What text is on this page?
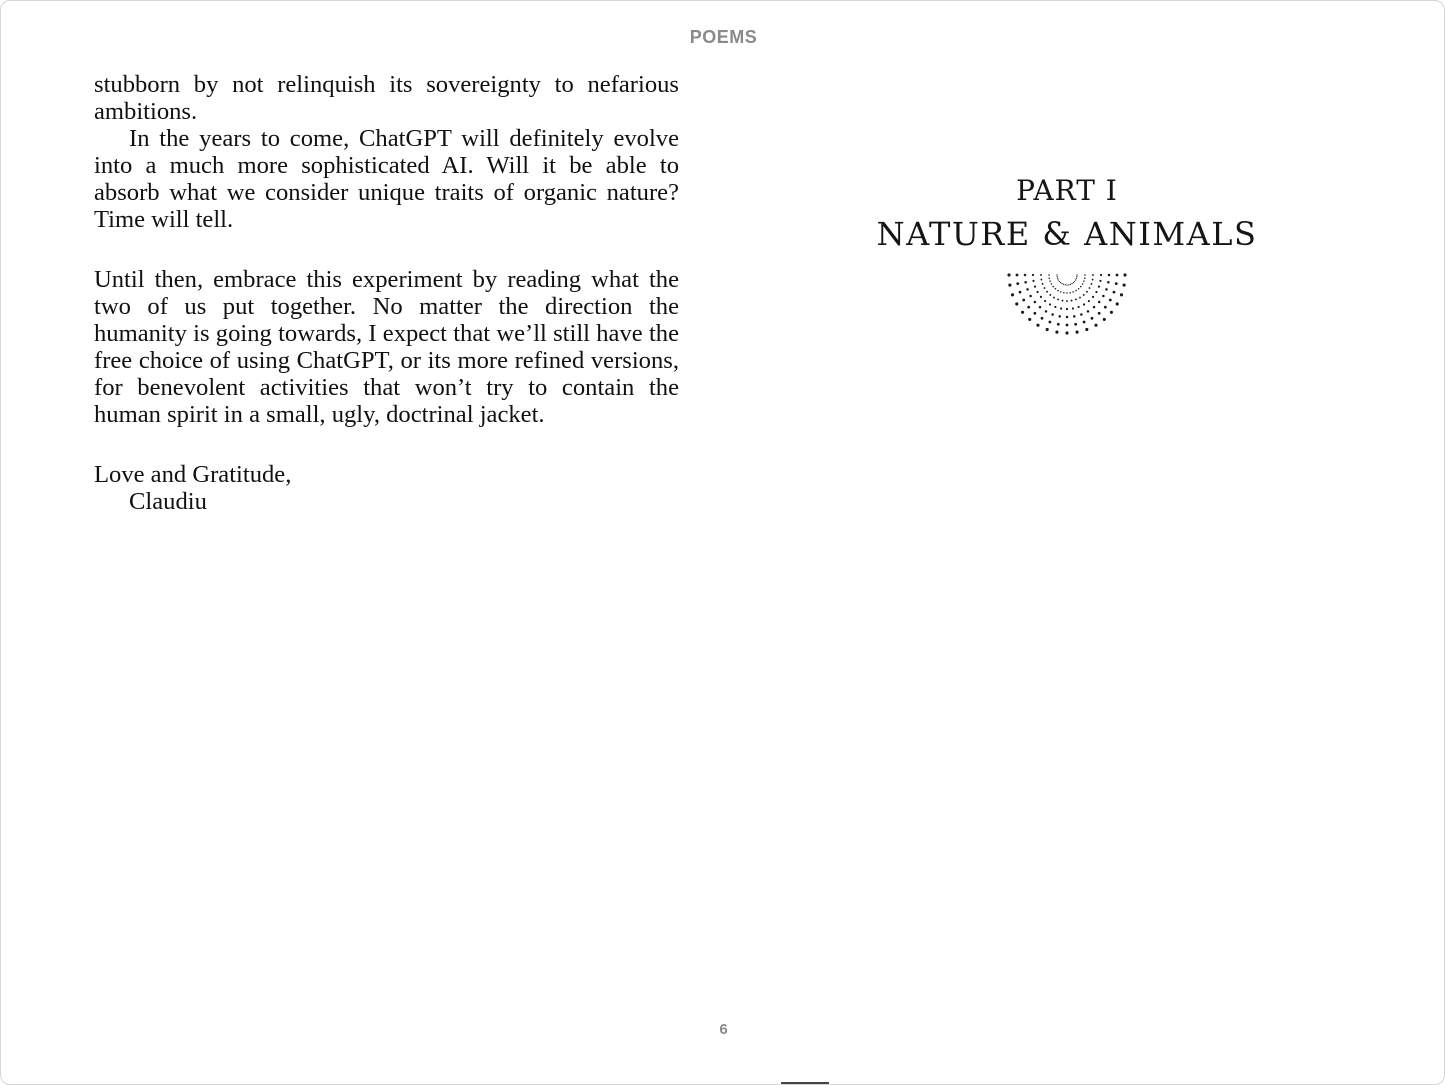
POEMS

stubborn by not relinquish its sovereignty to nefarious ambitions.

In the years to come, ChatGPT will definitely evolve into a much more sophisticated AI. Will it be able to absorb what we consider unique traits of organic nature? Time will tell.

Until then, embrace this experiment by reading what the two of us put together. No matter the direction the humanity is going towards, I expect that we’ll still have the free choice of using ChatGPT, or its more refined versions, for benevolent activities that won’t try to contain the human spirit in a small, ugly, doctrinal jacket.

Love and Gratitude,
Claudiu
PART I
NATURE & ANIMALS
6
